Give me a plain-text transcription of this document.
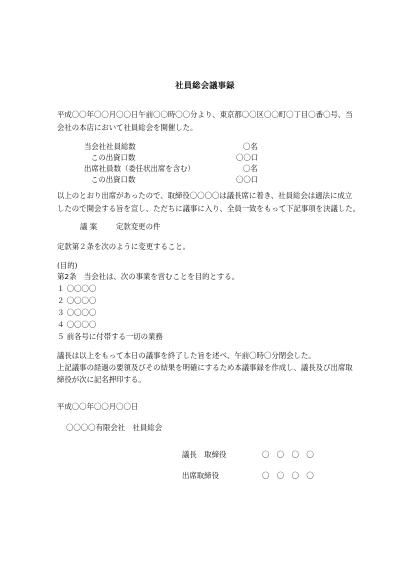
社員総会議事録
平成〇〇年〇〇月〇〇日午前〇〇時〇〇分より、東京都〇〇区〇〇町〇丁目〇番〇号、当
会社の本店において社員総会を開催した。
当会社社員総数	〇名
この出資口数	〇〇口
出席社員数（委任状出席を含む）	〇名
この出資口数	〇〇口
以上のとおり出席があったので、取締役〇〇〇〇は議長席に着き、社員総会は適法に成立
したので開会する旨を宣し、ただちに議事に入り、全員一致をもって下記事項を決議した。
議 案	定款変更の件
定款第２条を次のように変更すること。
(目的)
第2条　当会社は、次の事業を営むことを目的とする。
１ 〇〇〇〇
２ 〇〇〇〇
３ 〇〇〇〇
４ 〇〇〇〇
５ 前各号に付帯する一切の業務
議長は以上をもって本日の議事を終了した旨を述べ、午前〇時〇分閉会した。
上記議事の経過の要領及びその結果を明確にするため本議事録を作成し、議長及び出席取
締役が次に記名押印する。
平成〇〇年〇〇月〇〇日
〇〇〇〇有限会社　社員総会
議長　取締役	〇　〇　〇　〇
出席取締役	〇　〇　〇　〇
